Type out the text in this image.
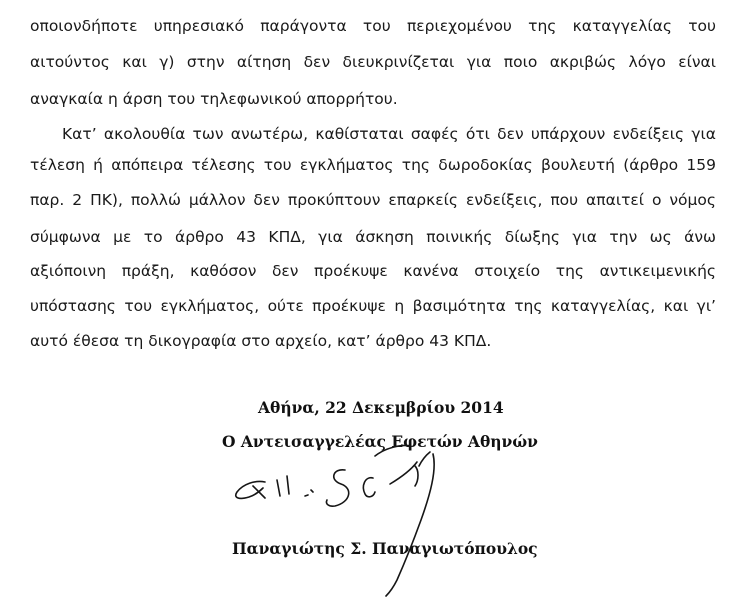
οποιονδήποτε υπηρεσιακό παράγοντα του περιεχομένου της καταγγελίας του
αιτούντος και γ) στην αίτηση δεν διευκρινίζεται για ποιο ακριβώς λόγο είναι
αναγκαία η άρση του τηλεφωνικού απορρήτου.
Κατ’ ακολουθία των ανωτέρω, καθίσταται σαφές ότι δεν υπάρχουν ενδείξεις για
τέλεση ή απόπειρα τέλεσης του εγκλήματος της δωροδοκίας βουλευτή (άρθρο 159
παρ. 2 ΠΚ), πολλώ μάλλον δεν προκύπτουν επαρκείς ενδείξεις, που απαιτεί ο νόμος
σύμφωνα με το άρθρο 43 ΚΠΔ, για άσκηση ποινικής δίωξης για την ως άνω
αξιόποινη πράξη, καθόσον δεν προέκυψε κανένα στοιχείο της αντικειμενικής
υπόστασης του εγκλήματος, ούτε προέκυψε η βασιμότητα της καταγγελίας, και γι’
αυτό έθεσα τη δικογραφία στο αρχείο, κατ’ άρθρο 43 ΚΠΔ.
Αθήνα, 22 Δεκεμβρίου 2014
Ο Αντεισαγγελέας Εφετών Αθηνών
Παναγιώτης Σ. Παναγιωτόπουλος
